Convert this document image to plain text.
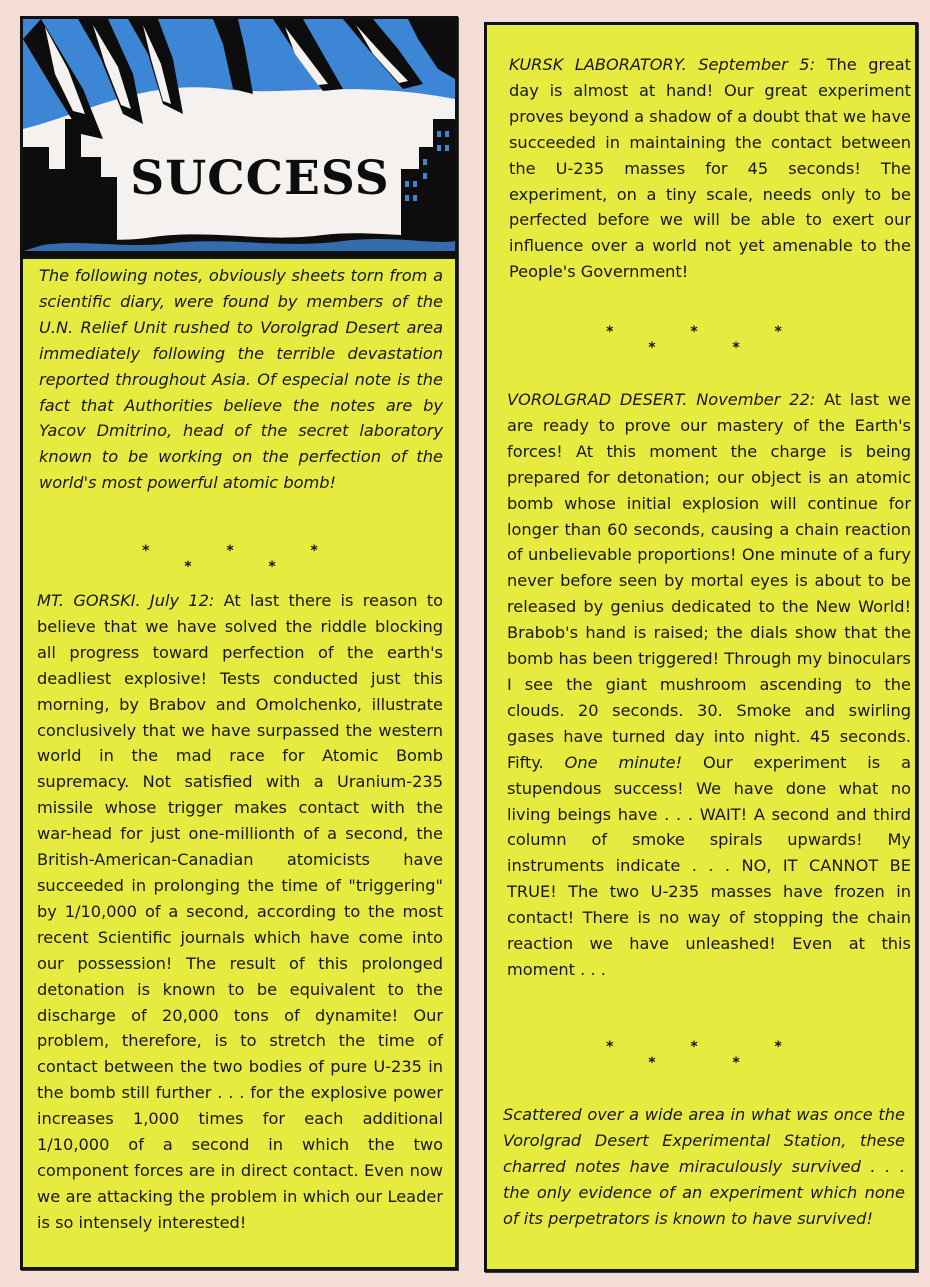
SUCCESS
The following notes, obviously sheets torn from a scientific diary, were found by members of the U.N. Relief Unit rushed to Vorolgrad Desert area immediately following the terrible devastation reported throughout Asia. Of especial note is the fact that Authorities believe the notes are by Yacov Dmitrino, head of the secret laboratory known to be working on the perfection of the world's most powerful atomic bomb!
* * * * *
MT. GORSKI. July 12: At last there is reason to believe that we have solved the riddle blocking all progress toward perfection of the earth's deadliest explosive! Tests conducted just this morning, by Brabov and Omolchenko, illustrate conclusively that we have surpassed the western world in the mad race for Atomic Bomb supremacy. Not satisfied with a Uranium-235 missile whose trigger makes contact with the war-head for just one-millionth of a second, the British-American-Canadian atomicists have succeeded in prolonging the time of "triggering" by 1/10,000 of a second, according to the most recent Scientific journals which have come into our possession! The result of this prolonged detonation is known to be equivalent to the discharge of 20,000 tons of dynamite! Our problem, therefore, is to stretch the time of contact between the two bodies of pure U-235 in the bomb still further . . . for the explosive power increases 1,000 times for each additional 1/10,000 of a second in which the two component forces are in direct contact. Even now we are attacking the problem in which our Leader is so intensely interested!
KURSK LABORATORY. September 5: The great day is almost at hand! Our great experiment proves beyond a shadow of a doubt that we have succeeded in maintaining the contact between the U-235 masses for 45 seconds! The experiment, on a tiny scale, needs only to be perfected before we will be able to exert our influence over a world not yet amenable to the People's Government!
* * * * *
VOROLGRAD DESERT. November 22: At last we are ready to prove our mastery of the Earth's forces! At this moment the charge is being prepared for detonation; our object is an atomic bomb whose initial explosion will continue for longer than 60 seconds, causing a chain reaction of unbelievable proportions! One minute of a fury never before seen by mortal eyes is about to be released by genius dedicated to the New World! Brabob's hand is raised; the dials show that the bomb has been triggered! Through my binoculars I see the giant mushroom ascending to the clouds. 20 seconds. 30. Smoke and swirling gases have turned day into night. 45 seconds. Fifty. One minute! Our experiment is a stupendous success! We have done what no living beings have . . . WAIT! A second and third column of smoke spirals upwards! My instruments indicate . . . NO, IT CANNOT BE TRUE! The two U-235 masses have frozen in contact! There is no way of stopping the chain reaction we have unleashed! Even at this moment . . .
* * * * *
Scattered over a wide area in what was once the Vorolgrad Desert Experimental Station, these charred notes have miraculously survived . . . the only evidence of an experiment which none of its perpetrators is known to have survived!
